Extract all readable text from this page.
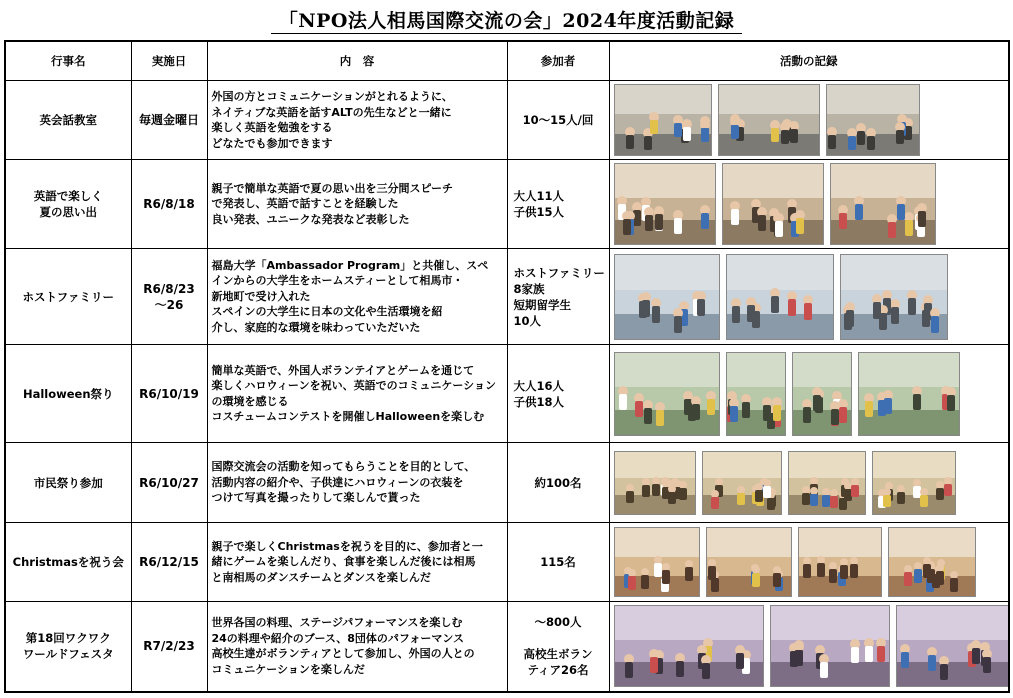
「NPO法人相馬国際交流の会」2024年度活動記録
行事名	実施日	内　容	参加者	活動の記録

英会話教室	毎週金曜日	外国の方とコミュニケーションがとれるように、
ネイティブな英語を話すALTの先生などと一緒に
楽しく英語を勉強をする
どなたでも参加できます	10～15人/回

英語で楽しく
夏の思い出	R6/8/18	親子で簡単な英語で夏の思い出を三分間スピーチ
で発表し、英語で話すことを経験した
良い発表、ユニークな発表など表彰した	大人11人
子供15人

ホストファミリー	R6/8/23
～26	福島大学「Ambassador Program」と共催し、スペ
インからの大学生をホームスティーとして相馬市・
新地町で受け入れた
スペインの大学生に日本の文化や生活環境を紹
介し、家庭的な環境を味わっていただいた	ホストファミリー
8家族
短期留学生
10人

Halloween祭り	R6/10/19	簡単な英語で、外国人ボランテイアとゲームを通じて
楽しくハロウィーンを祝い、英語でのコミュニケーション
の環境を感じる
コスチュームコンテストを開催しHalloweenを楽しむ	大人16人
子供18人

市民祭り参加	R6/10/27	国際交流会の活動を知ってもらうことを目的として、
活動内容の紹介や、子供達にハロウィーンの衣装を
つけて写真を撮ったりして楽しんで貰った	約100名

Christmasを祝う会	R6/12/15	親子で楽しくChristmasを祝うを目的に、参加者と一
緒にゲームを楽しんだり、食事を楽しんだ後には相馬
と南相馬のダンスチームとダンスを楽しんだ	115名

第18回ワクワク
ワールドフェスタ	R7/2/23	世界各国の料理、ステージパフォーマンスを楽しむ
24の料理や紹介のブース、8団体のパフォーマンス
高校生達がボランティアとして参加し、外国の人との
コミュニケーションを楽しんだ	～800人

高校生ボラン
ティア26名
